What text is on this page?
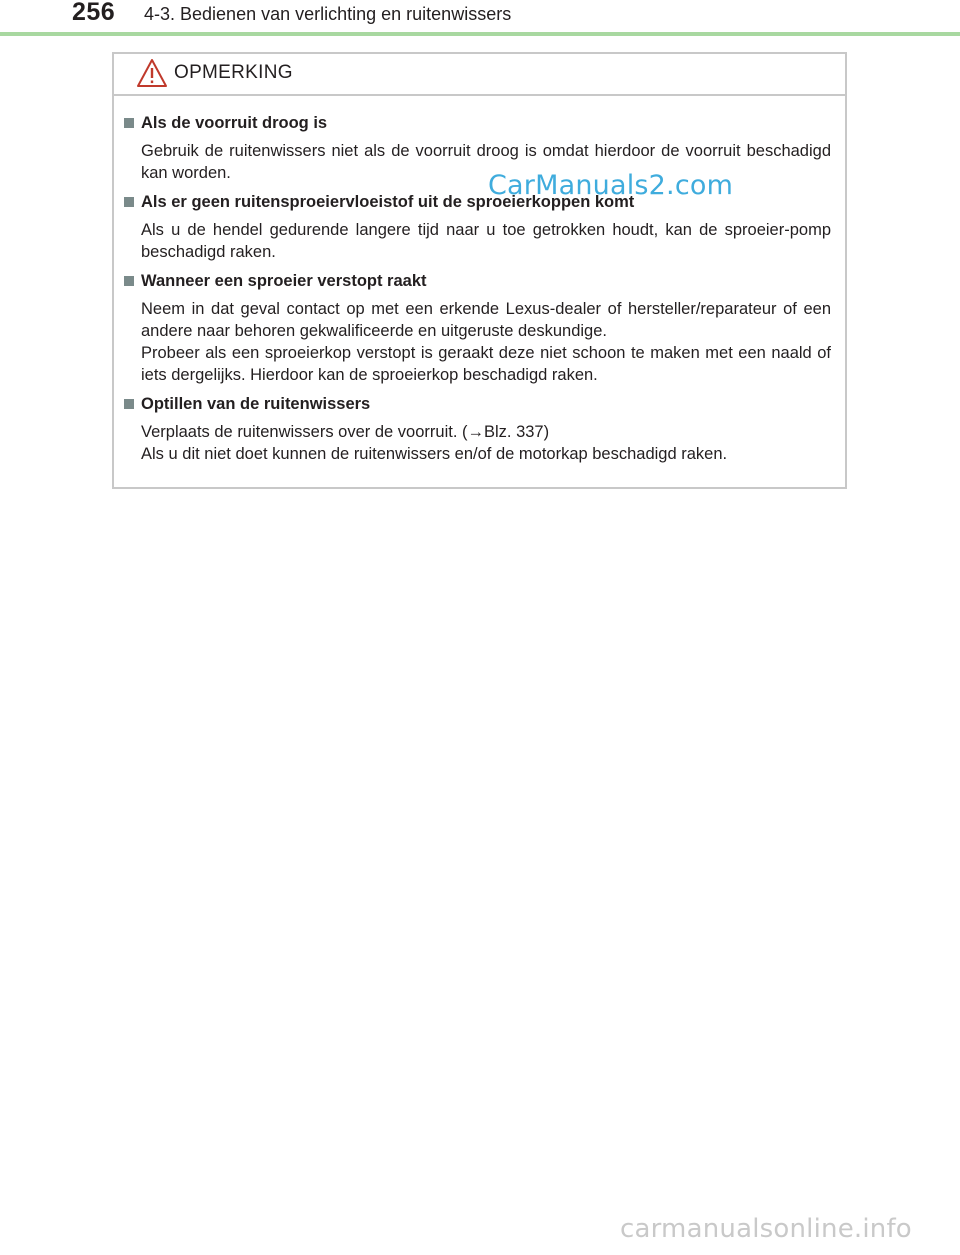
256 4-3. Bedienen van verlichting en ruitenwissers
OPMERKING
Als de voorruit droog is

Gebruik de ruitenwissers niet als de voorruit droog is omdat hierdoor de voorruit beschadigd kan worden.

Als er geen ruitensproeiervloeistof uit de sproeierkoppen komt

Als u de hendel gedurende langere tijd naar u toe getrokken houdt, kan de sproeier-pomp beschadigd raken.

Wanneer een sproeier verstopt raakt

Neem in dat geval contact op met een erkende Lexus-dealer of hersteller/reparateur of een andere naar behoren gekwalificeerde en uitgeruste deskundige.

Probeer als een sproeierkop verstopt is geraakt deze niet schoon te maken met een naald of iets dergelijks. Hierdoor kan de sproeierkop beschadigd raken.

Optillen van de ruitenwissers

Verplaats de ruitenwissers over de voorruit. (→Blz. 337)

Als u dit niet doet kunnen de ruitenwissers en/of de motorkap beschadigd raken.

CarManuals2.com
carmanualsonline.info
